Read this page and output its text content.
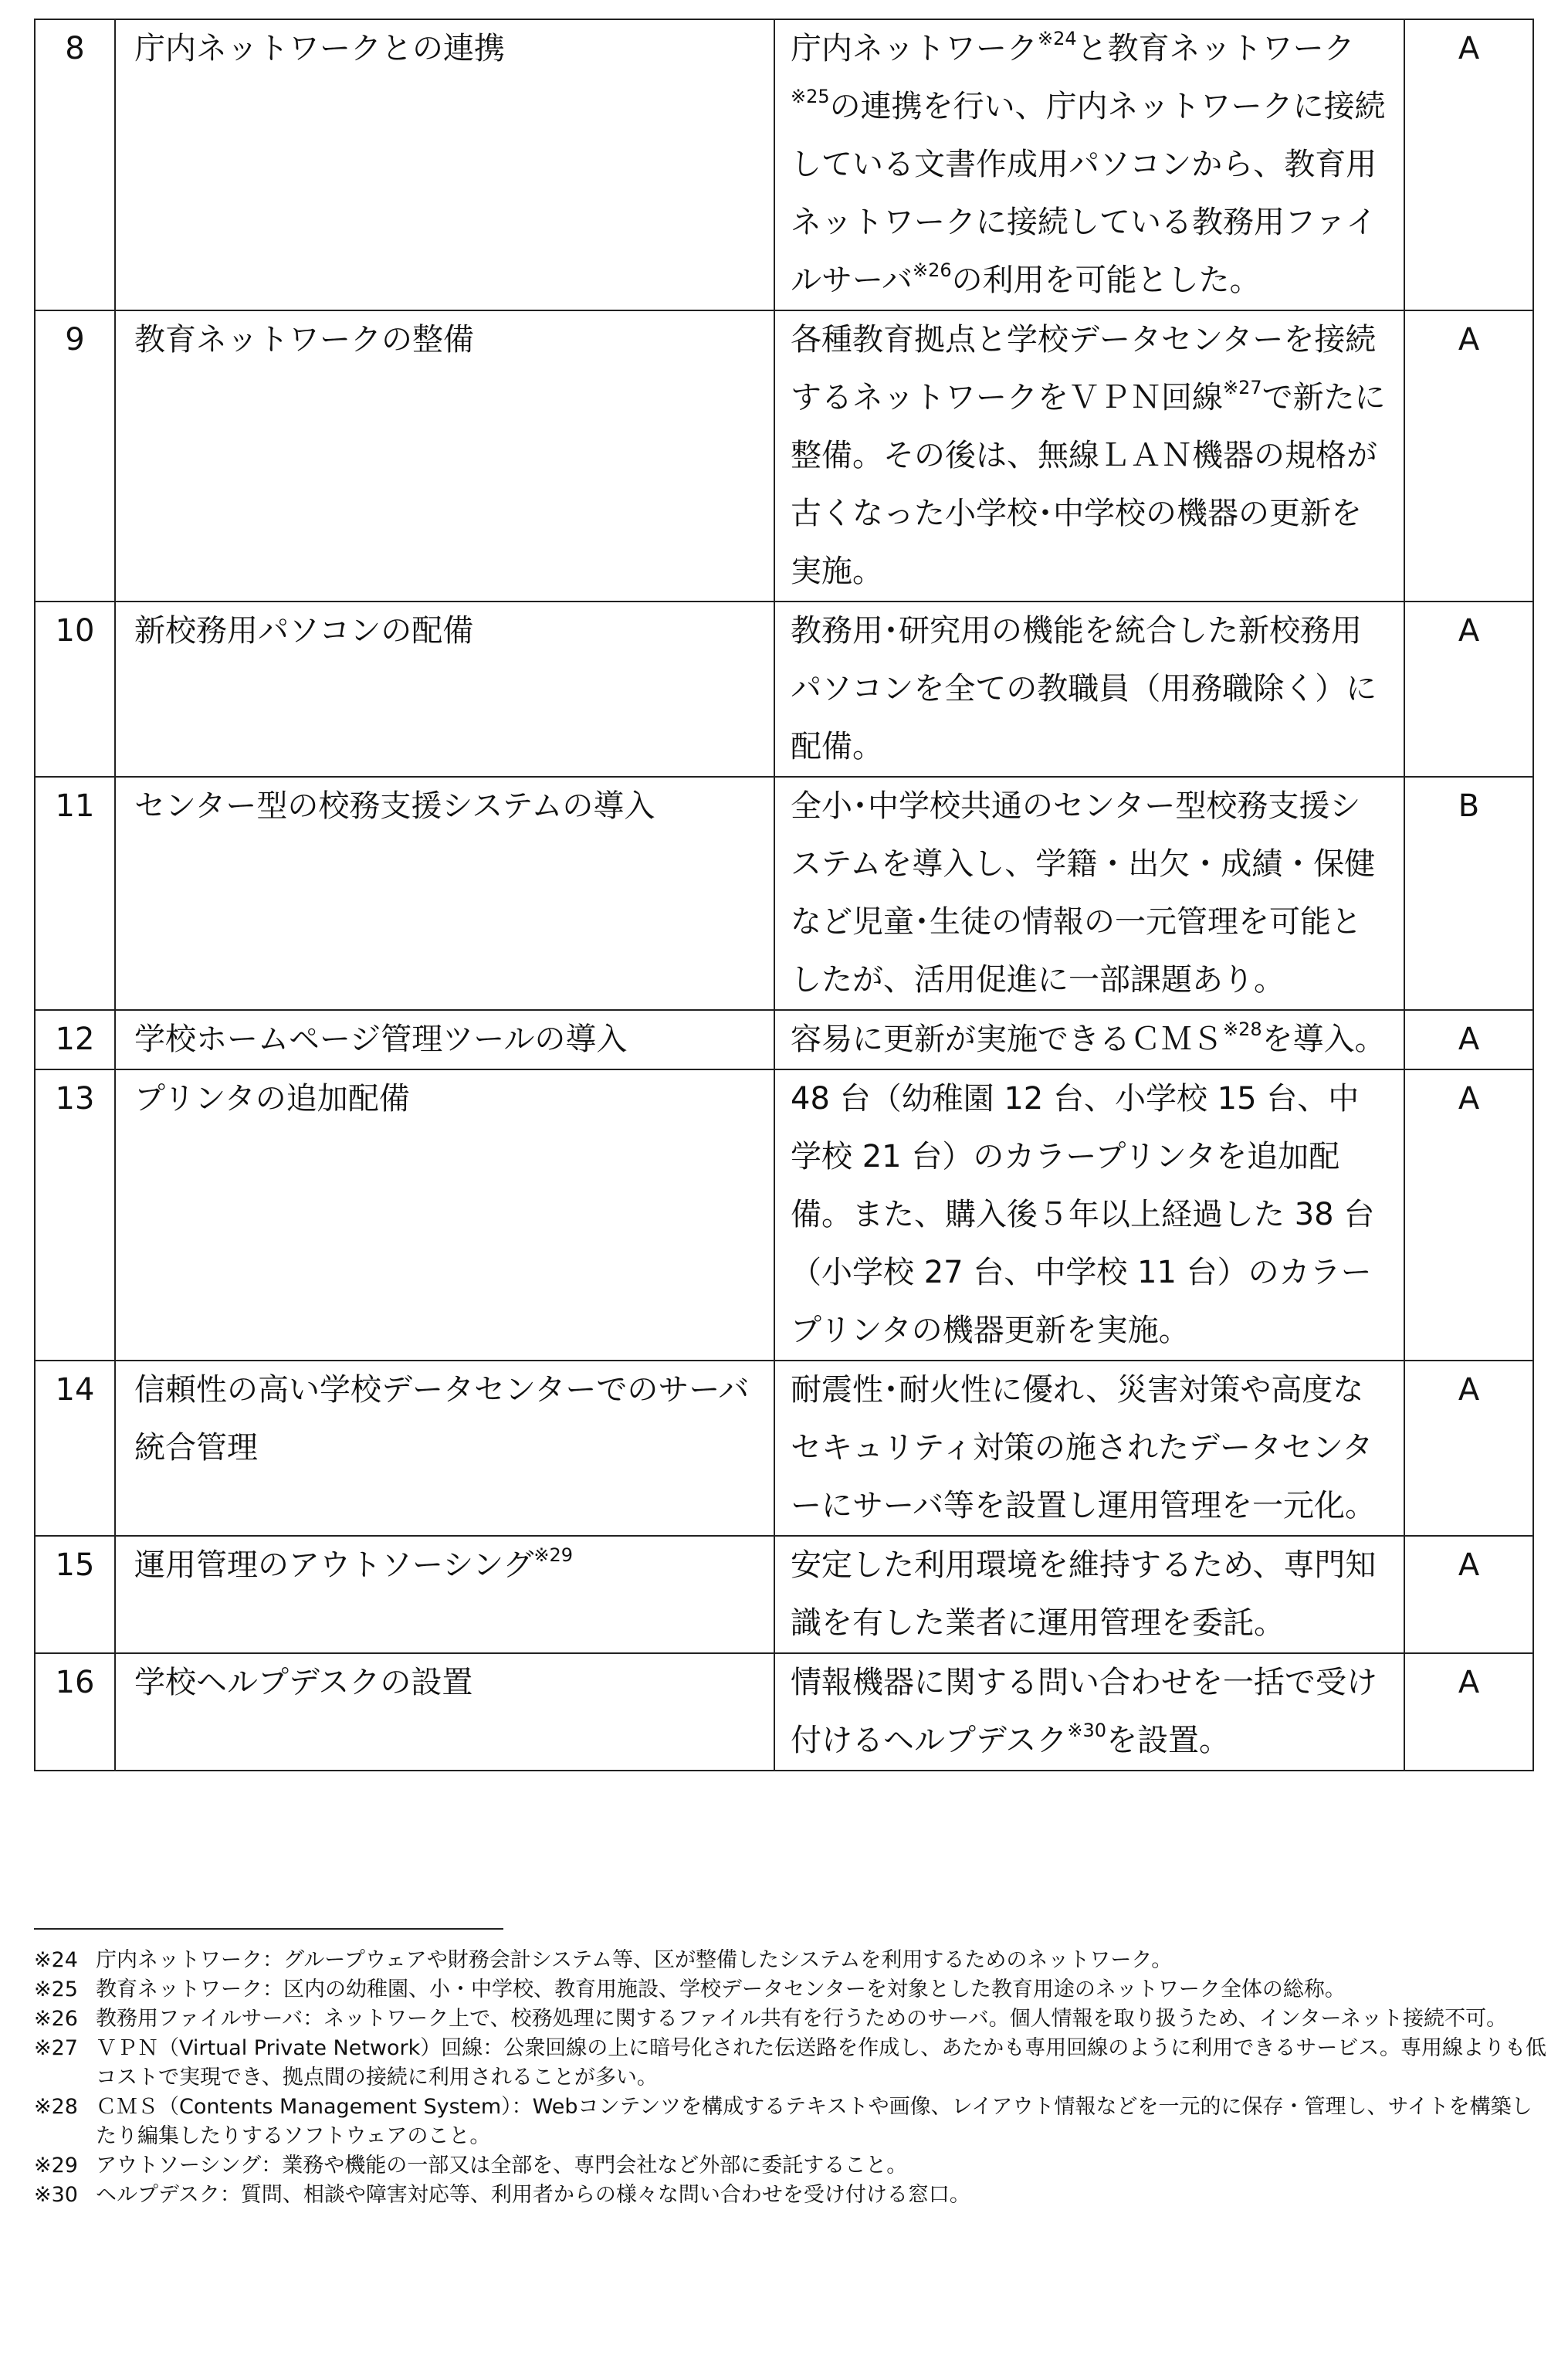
8	庁内ネットワークとの連携	庁内ネットワーク$^{※24}$と教育ネットワーク$^{※25}$の連携を行い、庁内ネットワークに接続している文書作成用パソコンから、教育用ネットワークに接続している教務用ファイルサーバ$^{※26}$の利用を可能とした。	A
9	教育ネットワークの整備	各種教育拠点と学校データセンターを接続するネットワークをＶＰＮ回線$^{※27}$で新たに整備。その後は、無線ＬＡＮ機器の規格が古くなった小学校･中学校の機器の更新を実施。	A
10	新校務用パソコンの配備	教務用･研究用の機能を統合した新校務用パソコンを全ての教職員（用務職除く）に配備。	A
11	センター型の校務支援システムの導入	全小･中学校共通のセンター型校務支援システムを導入し、学籍・出欠・成績・保健など児童･生徒の情報の一元管理を可能としたが、活用促進に一部課題あり。	B
12	学校ホームページ管理ツールの導入	容易に更新が実施できるＣＭＳ$^{※28}$を導入。	A
13	プリンタの追加配備	48 台（幼稚園 12 台、小学校 15 台、中学校 21 台）のカラープリンタを追加配備。また、購入後５年以上経過した 38 台（小学校 27 台、中学校 11 台）のカラープリンタの機器更新を実施。	A
14	信頼性の高い学校データセンターでのサーバ統合管理	耐震性･耐火性に優れ、災害対策や高度なセキュリティ対策の施されたデータセンターにサーバ等を設置し運用管理を一元化。	A
15	運用管理のアウトソーシング$^{※29}$	安定した利用環境を維持するため、専門知識を有した業者に運用管理を委託。	A
16	学校ヘルプデスクの設置	情報機器に関する問い合わせを一括で受け付けるヘルプデスク$^{※30}$を設置。	A
※24 庁内ネットワーク：グループウェアや財務会計システム等、区が整備したシステムを利用するためのネットワーク。
※25 教育ネットワーク：区内の幼稚園、小・中学校、教育用施設、学校データセンターを対象とした教育用途のネットワーク全体の総称。
※26 教務用ファイルサーバ：ネットワーク上で、校務処理に関するファイル共有を行うためのサーバ。個人情報を取り扱うため、インターネット接続不可。
※27 ＶＰＮ（Virtual Private Network）回線：公衆回線の上に暗号化された伝送路を作成し、あたかも専用回線のように利用できるサービス。専用線よりも低コストで実現でき、拠点間の接続に利用されることが多い。
※28 ＣＭＳ（Contents Management System）：Webコンテンツを構成するテキストや画像、レイアウト情報などを一元的に保存・管理し、サイトを構築したり編集したりするソフトウェアのこと。
※29 アウトソーシング：業務や機能の一部又は全部を、専門会社など外部に委託すること。
※30 ヘルプデスク：質問、相談や障害対応等、利用者からの様々な問い合わせを受け付ける窓口。
